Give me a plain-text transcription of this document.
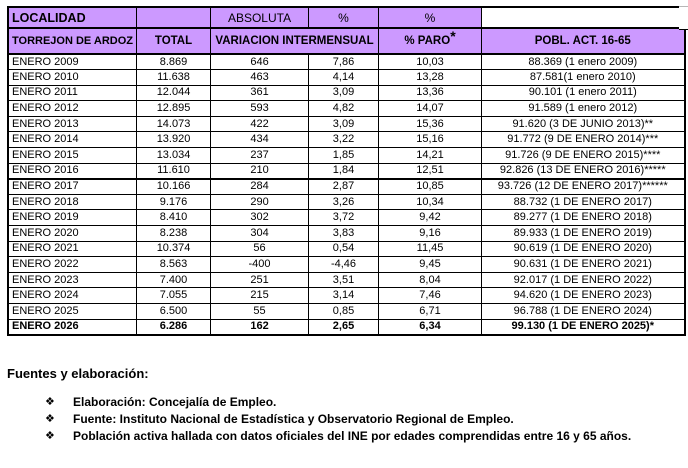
LOCALIDAD		ABSOLUTA	%	%	
TORREJON DE ARDOZ	TOTAL	VARIACION INTERMENSUAL		% PARO*	POBL. ACT. 16-65
ENERO 2009	8.869	646	7,86	10,03	88.369 (1 enero 2009)
ENERO 2010	11.638	463	4,14	13,28	87.581(1 enero 2010)
ENERO 2011	12.044	361	3,09	13,36	90.101 (1 enero 2011)
ENERO 2012	12.895	593	4,82	14,07	91.589 (1 enero 2012)
ENERO 2013	14.073	422	3,09	15,36	91.620 (3 DE JUNIO 2013)**
ENERO 2014	13.920	434	3,22	15,16	91.772 (9 DE ENERO 2014)***
ENERO 2015	13.034	237	1,85	14,21	91.726 (9 DE ENERO 2015)****
ENERO 2016	11.610	210	1,84	12,51	92.826 (13 DE ENERO 2016)*****
ENERO 2017	10.166	284	2,87	10,85	93.726 (12 DE ENERO 2017)******
ENERO 2018	9.176	290	3,26	10,34	88.732 (1 DE ENERO 2017)
ENERO 2019	8.410	302	3,72	9,42	89.277 (1 DE ENERO 2018)
ENERO 2020	8.238	304	3,83	9,16	89.933 (1 DE ENERO 2019)
ENERO 2021	10.374	56	0,54	11,45	90.619 (1 DE ENERO 2020)
ENERO 2022	8.563	-400	-4,46	9,45	90.631 (1 DE ENERO 2021)
ENERO 2023	7.400	251	3,51	8,04	92.017 (1 DE ENERO 2022)
ENERO 2024	7.055	215	3,14	7,46	94.620 (1 DE ENERO 2023)
ENERO 2025	6.500	55	0,85	6,71	96.788 (1 DE ENERO 2024)
ENERO 2026	6.286	162	2,65	6,34	99.130 (1 DE ENERO 2025)*
Fuentes y elaboración:
❖	Elaboración: Concejalía de Empleo.
❖	Fuente: Instituto Nacional de Estadística y Observatorio Regional de Empleo.
❖	Población activa hallada con datos oficiales del INE por edades comprendidas entre 16 y 65 años.
